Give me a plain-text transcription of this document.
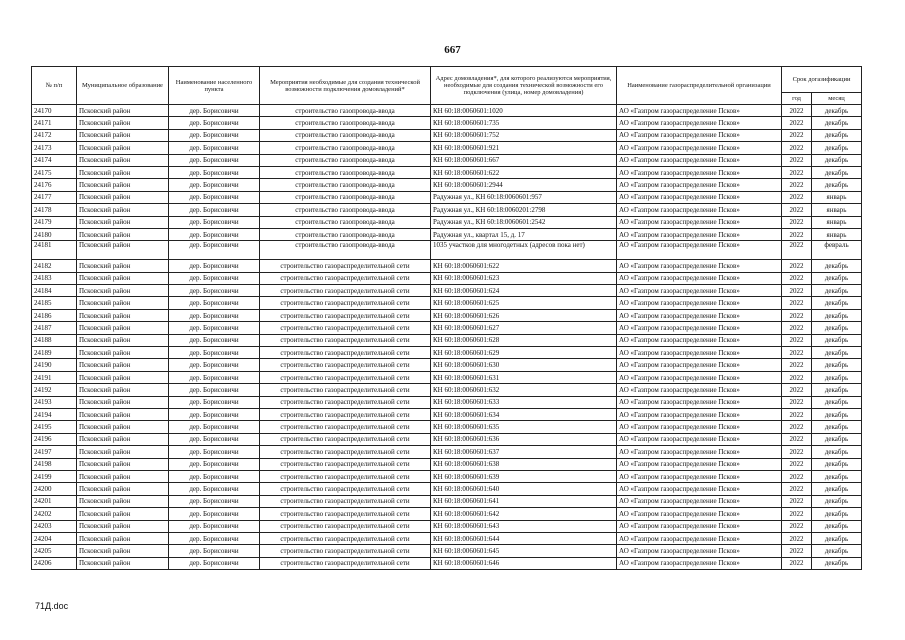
667
№ п/п	Муниципальное образование	Наименование населенного пункта	Мероприятия необходимые для создания технической возможности подключения домовладений*	Адрес домовладения*, для которого реализуются мероприятия, необходимые для создания технической возможности его подключения (улица, номер домовладения)	Наименование газораспределительной организации	Срок догазификации	
						год	месяц
24170	Псковский район	дер. Борисовичи	строительство газопровода-ввода	КН 60:18:0060601:1020	АО «Газпром газораспределение Псков»	2022	декабрь
24171	Псковский район	дер. Борисовичи	строительство газопровода-ввода	КН 60:18:0060601:735	АО «Газпром газораспределение Псков»	2022	декабрь
24172	Псковский район	дер. Борисовичи	строительство газопровода-ввода	КН 60:18:0060601:752	АО «Газпром газораспределение Псков»	2022	декабрь
24173	Псковский район	дер. Борисовичи	строительство газопровода-ввода	КН 60:18:0060601:921	АО «Газпром газораспределение Псков»	2022	декабрь
24174	Псковский район	дер. Борисовичи	строительство газопровода-ввода	КН 60:18:0060601:667	АО «Газпром газораспределение Псков»	2022	декабрь
24175	Псковский район	дер. Борисовичи	строительство газопровода-ввода	КН 60:18:0060601:622	АО «Газпром газораспределение Псков»	2022	декабрь
24176	Псковский район	дер. Борисовичи	строительство газопровода-ввода	КН 60:18:0060601:2944	АО «Газпром газораспределение Псков»	2022	декабрь
24177	Псковский район	дер. Борисовичи	строительство газопровода-ввода	Радужная ул., КН 60:18:0060601:957	АО «Газпром газораспределение Псков»	2022	январь
24178	Псковский район	дер. Борисовичи	строительство газопровода-ввода	Радужная ул., КН 60:18:0060201:2798	АО «Газпром газораспределение Псков»	2022	январь
24179	Псковский район	дер. Борисовичи	строительство газопровода-ввода	Радужная ул., КН 60:18:0060601:2542	АО «Газпром газораспределение Псков»	2022	январь
24180	Псковский район	дер. Борисовичи	строительство газопровода-ввода	Радужная ул., квартал 15, д. 17	АО «Газпром газораспределение Псков»	2022	январь
24181	Псковский район	дер. Борисовичи	строительство газопровода-ввода	1035 участков для многодетных (адресов пока нет)	АО «Газпром газораспределение Псков»	2022	февраль
24182	Псковский район	дер. Борисовичи	строительство газораспределительной сети	КН 60:18:0060601:622	АО «Газпром газораспределение Псков»	2022	декабрь
24183	Псковский район	дер. Борисовичи	строительство газораспределительной сети	КН 60:18:0060601:623	АО «Газпром газораспределение Псков»	2022	декабрь
24184	Псковский район	дер. Борисовичи	строительство газораспределительной сети	КН 60:18:0060601:624	АО «Газпром газораспределение Псков»	2022	декабрь
24185	Псковский район	дер. Борисовичи	строительство газораспределительной сети	КН 60:18:0060601:625	АО «Газпром газораспределение Псков»	2022	декабрь
24186	Псковский район	дер. Борисовичи	строительство газораспределительной сети	КН 60:18:0060601:626	АО «Газпром газораспределение Псков»	2022	декабрь
24187	Псковский район	дер. Борисовичи	строительство газораспределительной сети	КН 60:18:0060601:627	АО «Газпром газораспределение Псков»	2022	декабрь
24188	Псковский район	дер. Борисовичи	строительство газораспределительной сети	КН 60:18:0060601:628	АО «Газпром газораспределение Псков»	2022	декабрь
24189	Псковский район	дер. Борисовичи	строительство газораспределительной сети	КН 60:18:0060601:629	АО «Газпром газораспределение Псков»	2022	декабрь
24190	Псковский район	дер. Борисовичи	строительство газораспределительной сети	КН 60:18:0060601:630	АО «Газпром газораспределение Псков»	2022	декабрь
24191	Псковский район	дер. Борисовичи	строительство газораспределительной сети	КН 60:18:0060601:631	АО «Газпром газораспределение Псков»	2022	декабрь
24192	Псковский район	дер. Борисовичи	строительство газораспределительной сети	КН 60:18:0060601:632	АО «Газпром газораспределение Псков»	2022	декабрь
24193	Псковский район	дер. Борисовичи	строительство газораспределительной сети	КН 60:18:0060601:633	АО «Газпром газораспределение Псков»	2022	декабрь
24194	Псковский район	дер. Борисовичи	строительство газораспределительной сети	КН 60:18:0060601:634	АО «Газпром газораспределение Псков»	2022	декабрь
24195	Псковский район	дер. Борисовичи	строительство газораспределительной сети	КН 60:18:0060601:635	АО «Газпром газораспределение Псков»	2022	декабрь
24196	Псковский район	дер. Борисовичи	строительство газораспределительной сети	КН 60:18:0060601:636	АО «Газпром газораспределение Псков»	2022	декабрь
24197	Псковский район	дер. Борисовичи	строительство газораспределительной сети	КН 60:18:0060601:637	АО «Газпром газораспределение Псков»	2022	декабрь
24198	Псковский район	дер. Борисовичи	строительство газораспределительной сети	КН 60:18:0060601:638	АО «Газпром газораспределение Псков»	2022	декабрь
24199	Псковский район	дер. Борисовичи	строительство газораспределительной сети	КН 60:18:0060601:639	АО «Газпром газораспределение Псков»	2022	декабрь
24200	Псковский район	дер. Борисовичи	строительство газораспределительной сети	КН 60:18:0060601:640	АО «Газпром газораспределение Псков»	2022	декабрь
24201	Псковский район	дер. Борисовичи	строительство газораспределительной сети	КН 60:18:0060601:641	АО «Газпром газораспределение Псков»	2022	декабрь
24202	Псковский район	дер. Борисовичи	строительство газораспределительной сети	КН 60:18:0060601:642	АО «Газпром газораспределение Псков»	2022	декабрь
24203	Псковский район	дер. Борисовичи	строительство газораспределительной сети	КН 60:18:0060601:643	АО «Газпром газораспределение Псков»	2022	декабрь
24204	Псковский район	дер. Борисовичи	строительство газораспределительной сети	КН 60:18:0060601:644	АО «Газпром газораспределение Псков»	2022	декабрь
24205	Псковский район	дер. Борисовичи	строительство газораспределительной сети	КН 60:18:0060601:645	АО «Газпром газораспределение Псков»	2022	декабрь
24206	Псковский район	дер. Борисовичи	строительство газораспределительной сети	КН 60:18:0060601:646	АО «Газпром газораспределение Псков»	2022	декабрь
71Д.doc
